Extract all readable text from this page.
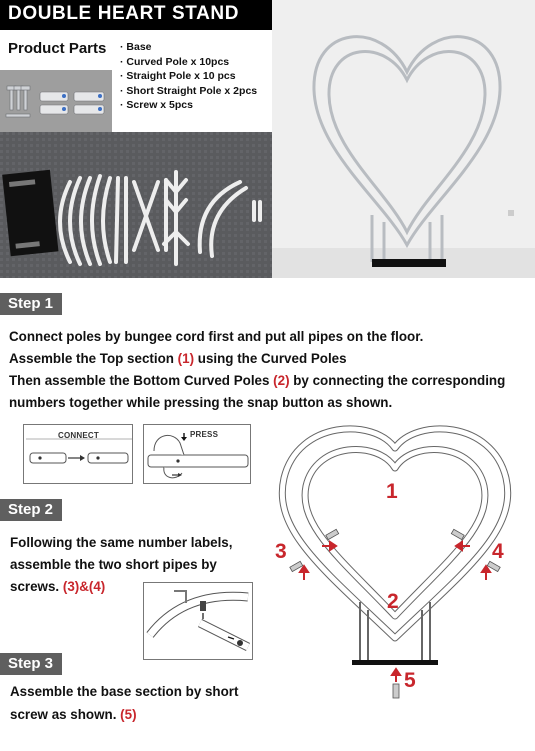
DOUBLE HEART STAND
Product Parts
·	Base
· Curved Pole x 10pcs
· Straight Pole x 10 pcs
· Short Straight Pole x 2pcs
· Screw x 5pcs
Step 1
Connect poles by bungee cord first and put all pipes on the floor.
Assemble the Top section (1) using the Curved Poles
Then assemble the Bottom Curved Poles (2) by connecting the corresponding
numbers together while pressing the snap button as shown.
CONNECT	PRESS
Step 2
Following the same number labels,
assemble the two short pipes by
screws. (3)&(4)
Step 3
Assemble the base section by short
screw as shown. (5)
1
2
3	4
5
